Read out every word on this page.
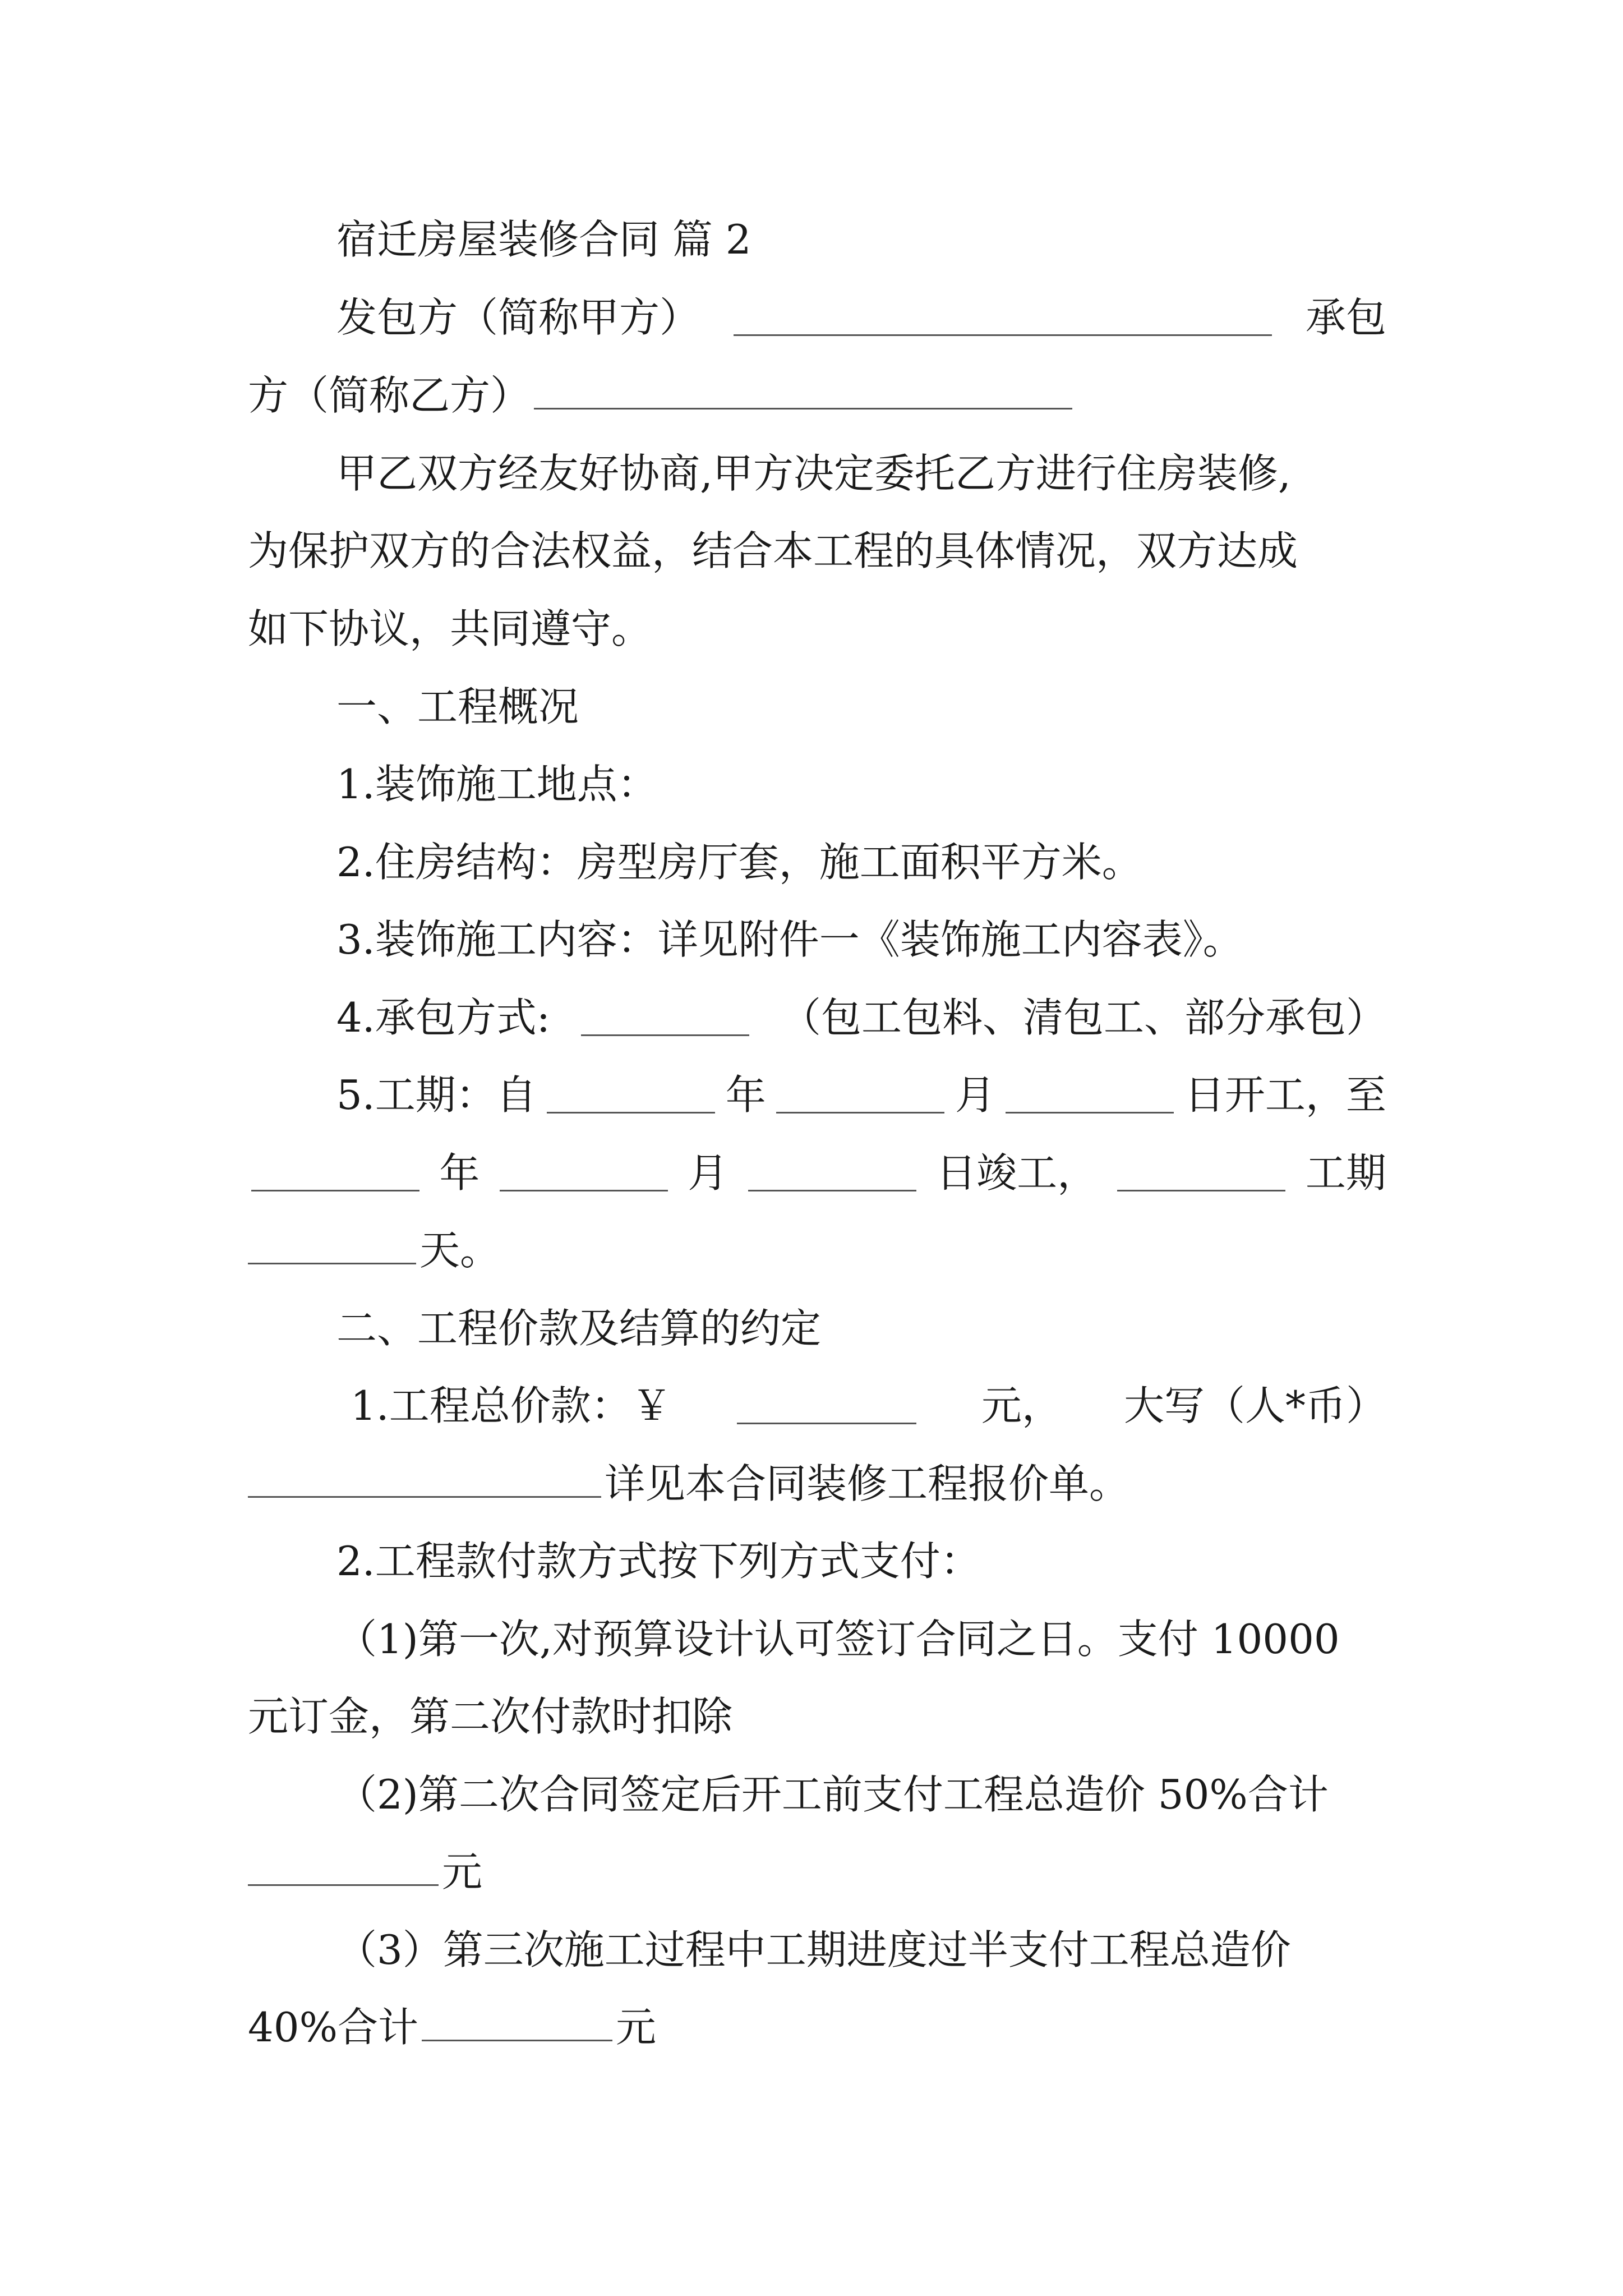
宿迁房屋装修合同 篇 2
发包方（简称甲方）	承包
方（简称乙方）
甲乙双方经友好协商,甲方决定委托乙方进行住房装修,
为保护双方的合法权益，结合本工程的具体情况，双方达成
如下协议，共同遵守。
一、工程概况
1.装饰施工地点：
2.住房结构：房型房厅套，施工面积平方米。
3.装饰施工内容：详见附件一《装饰施工内容表》。
4.承包方式:	（包工包料、清包工、部分承包）
5.工期：自	年	月	日开工，至
年	月	日竣工，	工期
天。
二、工程价款及结算的约定
1.工程总价款：￥	元， 大写（人*币）
详见本合同装修工程报价单。
2.工程款付款方式按下列方式支付：
（1)第一次,对预算设计认可签订合同之日。支付 10000
元订金，第二次付款时扣除
（2)第二次合同签定后开工前支付工程总造价 50%合计
元
（3）第三次施工过程中工期进度过半支付工程总造价
40%合计	元
